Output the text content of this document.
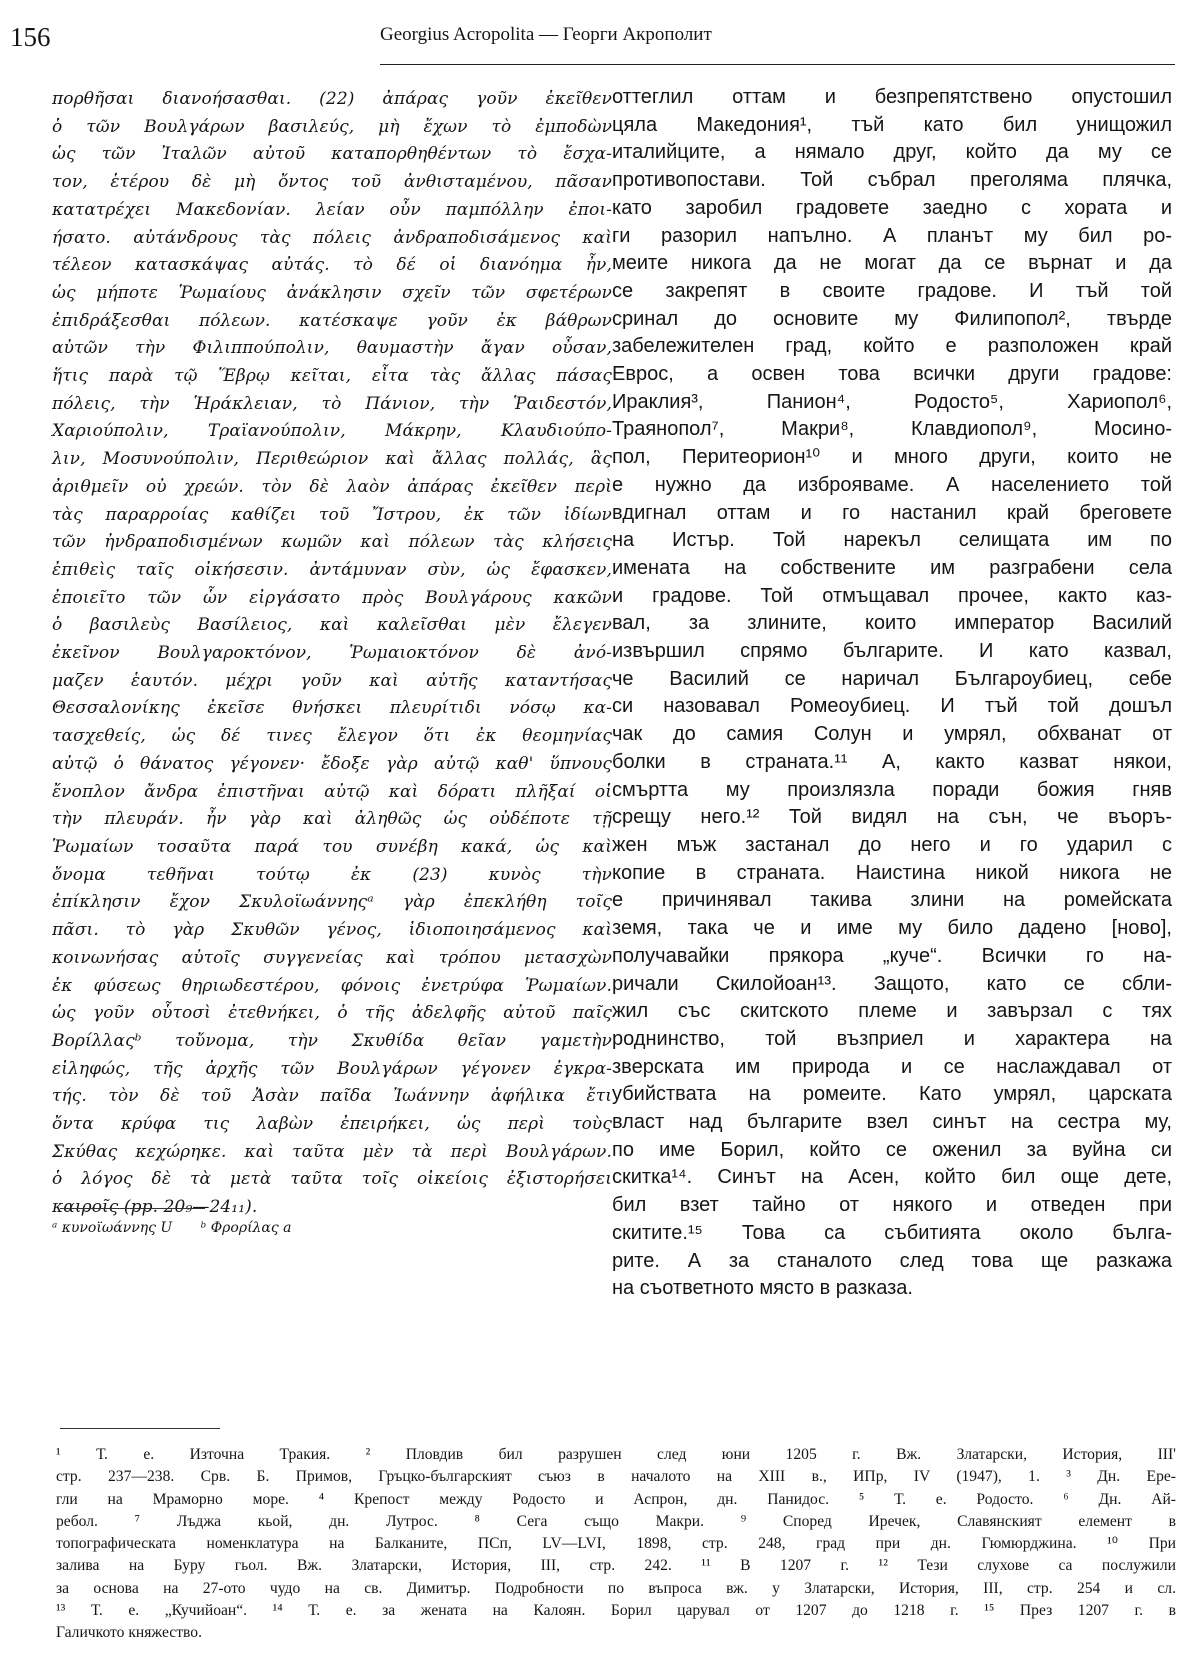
156	Georgius Acropolita — Георги Акрополит
πορθῆσαι διανοήσασθαι. (22) ἀπάρας γοῦν ἐκεῖθεν
ὁ τῶν Βουλγάρων βασιλεύς, μὴ ἔχων τὸ ἐμποδὼν
ὡς τῶν Ἰταλῶν αὐτοῦ καταπορθηθέντων τὸ ἔσχα-
τον, ἑτέρου δὲ μὴ ὄντος τοῦ ἀνθισταμένου, πᾶσαν
κατατρέχει Μακεδονίαν. λείαν οὖν παμπόλλην ἐποι-
ήσατο. αὐτάνδρους τὰς πόλεις ἀνδραποδισάμενος καὶ
τέλεον κατασκάψας αὐτάς. τὸ δέ οἱ διανόημα ἦν,
ὡς μήποτε Ῥωμαίους ἀνάκλησιν σχεῖν τῶν σφετέρων
ἐπιδράξεσθαι πόλεων. κατέσκαψε γοῦν ἐκ βάθρων
αὐτῶν τὴν Φιλιππούπολιν, θαυμαστὴν ἄγαν οὖσαν,
ἥτις παρὰ τῷ Ἕβρῳ κεῖται, εἶτα τὰς ἄλλας πάσας
πόλεις, τὴν Ἡράκλειαν, τὸ Πάνιον, τὴν Ῥαιδεστόν,
Χαριούπολιν, Τραϊανούπολιν, Μάκρην, Κλαυδιούπο-
λιν, Μοσυνούπολιν, Περιθεώριον καὶ ἄλλας πολλάς, ἃς
ἀριθμεῖν οὐ χρεών. τὸν δὲ λαὸν ἀπάρας ἐκεῖθεν περὶ
τὰς παραρροίας καθίζει τοῦ Ἴστρου, ἐκ τῶν ἰδίων
τῶν ἠνδραποδισμένων κωμῶν καὶ πόλεων τὰς κλήσεις
ἐπιθεὶς ταῖς οἰκήσεσιν. ἀντάμυναν σὺν, ὡς ἔφασκεν,
ἐποιεῖτο τῶν ὧν εἰργάσατο πρὸς Βουλγάρους κακῶν
ὁ βασιλεὺς Βασίλειος, καὶ καλεῖσθαι μὲν ἔλεγεν
ἐκεῖνον Βουλγαροκτόνον, Ῥωμαιοκτόνον δὲ ἀνό-
μαζεν ἑαυτόν. μέχρι γοῦν καὶ αὐτῆς καταντήσας
Θεσσαλονίκης ἐκεῖσε θνήσκει πλευρίτιδι νόσῳ κα-
τασχεθείς, ὡς δέ τινες ἔλεγον ὅτι ἐκ θεομηνίας
αὐτῷ ὁ θάνατος γέγονεν· ἔδοξε γὰρ αὐτῷ καθ' ὕπνους
ἔνοπλον ἄνδρα ἐπιστῆναι αὐτῷ καὶ δόρατι πλῆξαί οἱ
τὴν πλευράν. ἦν γὰρ καὶ ἀληθῶς ὡς οὐδέποτε τῇ
Ῥωμαίων τοσαῦτα παρά του συνέβη κακά, ὡς καὶ
ὄνομα τεθῆναι τούτῳ ἐκ (23) κυνὸς τὴν
ἐπίκλησιν ἔχον Σκυλοϊωάννηςᵃ γὰρ ἐπεκλήθη τοῖς
πᾶσι. τὸ γὰρ Σκυθῶν γένος, ἰδιοποιησάμενος καὶ
κοινωνήσας αὐτοῖς συγγενείας καὶ τρόπου μετασχὼν
ἐκ φύσεως θηριωδεστέρου, φόνοις ἐνετρύφα Ῥωμαίων.
ὡς γοῦν οὗτοσὶ ἐτεθνήκει, ὁ τῆς ἀδελφῆς αὐτοῦ παῖς
Βορίλλαςᵇ τοὔνομα, τὴν Σκυθίδα θεῖαν γαμετὴν
εἰληφώς, τῆς ἀρχῆς τῶν Βουλγάρων γέγονεν ἐγκρα-
τής. τὸν δὲ τοῦ Ἀσὰν παῖδα Ἰωάννην ἀφήλικα ἔτι
ὄντα κρύφα τις λαβὼν ἐπειρήκει, ὡς περὶ τοὺς
Σκύθας κεχώρηκε. καὶ ταῦτα μὲν τὰ περὶ Βουλγάρων.
ὁ λόγος δὲ τὰ μετὰ ταῦτα τοῖς οἰκείοις ἐξιστορήσει
καιροῖς (pp. 20₉—24₁₁).
оттеглил оттам и безпрепятствено опустошил
цяла Македония¹, тъй като бил унищожил
италийците, а нямало друг, който да му се
противопостави. Той събрал преголяма плячка,
като заробил градовете заедно с хората и
ги разорил напълно. А планът му бил ро-
меите никога да не могат да се върнат и да
се закрепят в своите градове. И тъй той
сринал до основите му Филипопол², твърде
забележителен град, който е разположен край
Еврос, а освен това всички други градове:
Ираклия³, Панион⁴, Родосто⁵, Хариопол⁶,
Траянопол⁷, Макри⁸, Клавдиопол⁹, Мосино-
пол, Перитеорион¹⁰ и много други, които не
е нужно да изброяваме. А населението той
вдигнал оттам и го настанил край бреговете
на Истър. Той нарекъл селищата им по
имената на собствените им разграбени села
и градове. Той отмъщавал прочее, както каз-
вал, за злините, които император Василий
извършил спрямо българите. И като казвал,
че Василий се наричал Българоубиец, себе
си назовавал Ромеоубиец. И тъй той дошъл
чак до самия Солун и умрял, обхванат от
болки в страната.¹¹ А, както казват някои,
смъртта му произлязла поради божия гняв
срещу него.¹² Той видял на сън, че въоръ-
жен мъж застанал до него и го ударил с
копие в страната. Наистина никой никога не
е причинявал такива злини на ромейската
земя, така че и име му било дадено [ново],
получавайки прякора „куче“. Всички го на-
ричали Скилойоан¹³. Защото, като се сбли-
жил със скитското племе и завързал с тях
роднинство, той възприел и характера на
зверската им природа и се наслаждавал от
убийствата на ромеите. Като умрял, царската
власт над българите взел синът на сестра му,
по име Борил, който се оженил за вуйна си
скитка¹⁴. Синът на Асен, който бил още дете,
бил взет тайно от някого и отведен при
скитите.¹⁵ Това са събитията около бълга-
рите. А за станалото след това ще разкажа
на съответното място в разказа.
ᵃ κυνοϊωάννης U ᵇ Φρορίλας a
¹ Т. е. Източна Тракия. ² Пловдив бил разрушен след юни 1205 г. Вж. Златарски, История, III'
стр. 237—238. Срв. Б. Примов, Гръцко-българският съюз в началото на XIII в., ИПр, IV (1947), 1. ³ Дн. Ере-
гли на Мраморно море. ⁴ Крепост между Родосто и Аспрон, дн. Панидос. ⁵ Т. е. Родосто. ⁶ Дн. Ай-
ребол. ⁷ Лъджа кьой, дн. Лутрос. ⁸ Сега също Макри. ⁹ Според Иречек, Славянският елемент в
топографическата номенклатура на Балканите, ПСп, LV—LVI, 1898, стр. 248, град при дн. Гюмюрджина. ¹⁰ При
залива на Буру гьол. Вж. Златарски, История, III, стр. 242. ¹¹ В 1207 г. ¹² Тези слухове са послужили
за основа на 27-ото чудо на св. Димитър. Подробности по въпроса вж. у Златарски, История, III, стр. 254 и сл.
¹³ Т. е. „Кучийоан“. ¹⁴ Т. е. за жената на Калоян. Борил царувал от 1207 до 1218 г. ¹⁵ През 1207 г. в
Галичкото княжество.
